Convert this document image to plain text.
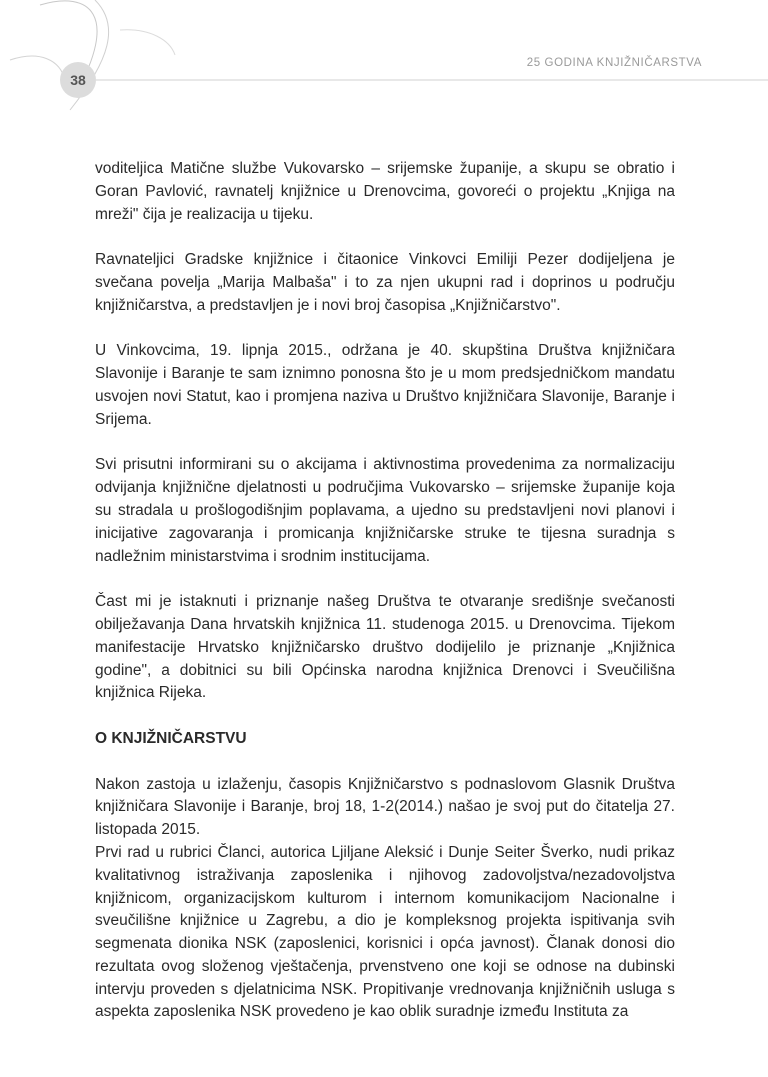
38
25 GODINA KNJIŽNIČARSTVA

voditeljica Matične službe Vukovarsko – srijemske županije, a skupu se obratio i Goran Pavlović, ravnatelj knjižnice u Drenovcima, govoreći o projektu „Knjiga na mreži" čija je realizacija u tijeku.

Ravnateljici Gradske knjižnice i čitaonice Vinkovci Emiliji Pezer dodijeljena je svečana povelja „Marija Malbaša" i to za njen ukupni rad i doprinos u području knjižničarstva, a predstavljen je i novi broj časopisa „Knjižničarstvo".

U Vinkovcima, 19. lipnja 2015., održana je 40. skupština Društva knjižničara Slavonije i Baranje te sam iznimno ponosna što je u mom predsjedničkom mandatu usvojen novi Statut, kao i promjena naziva u Društvo knjižničara Slavonije, Baranje i Srijema.

Svi prisutni informirani su o akcijama i aktivnostima provedenima za normalizaciju odvijanja knjižnične djelatnosti u područjima Vukovarsko – srijemske županije koja su stradala u prošlogodišnjim poplavama, a ujedno su predstavljeni novi planovi i inicijative zagovaranja i promicanja knjižničarske struke te tijesna suradnja s nadležnim ministarstvima i srodnim institucijama.

Čast mi je istaknuti i priznanje našeg Društva te otvaranje središnje svečanosti obilježavanja Dana hrvatskih knjižnica 11. studenoga 2015. u Drenovcima. Tijekom manifestacije Hrvatsko knjižničarsko društvo dodijelilo je priznanje „Knjižnica godine", a dobitnici su bili Općinska narodna knjižnica Drenovci i Sveučilišna knjižnica Rijeka.

O KNJIŽNIČARSTVU

Nakon zastoja u izlaženju, časopis Knjižničarstvo s podnaslovom Glasnik Društva knjižničara Slavonije i Baranje, broj 18, 1-2(2014.) našao je svoj put do čitatelja 27. listopada 2015.

Prvi rad u rubrici Članci, autorica Ljiljane Aleksić i Dunje Seiter Šverko, nudi prikaz kvalitativnog istraživanja zaposlenika i njihovog zadovoljstva/nezadovoljstva knjižnicom, organizacijskom kulturom i internom komunikacijom Nacionalne i sveučilišne knjižnice u Zagrebu, a dio je kompleksnog projekta ispitivanja svih segmenata dionika NSK (zaposlenici, korisnici i opća javnost). Članak donosi dio rezultata ovog složenog vještačenja, prvenstveno one koji se odnose na dubinski intervju proveden s djelatnicima NSK. Propitivanje vrednovanja knjižničnih usluga s aspekta zaposlenika NSK provedeno je kao oblik suradnje između Instituta za
